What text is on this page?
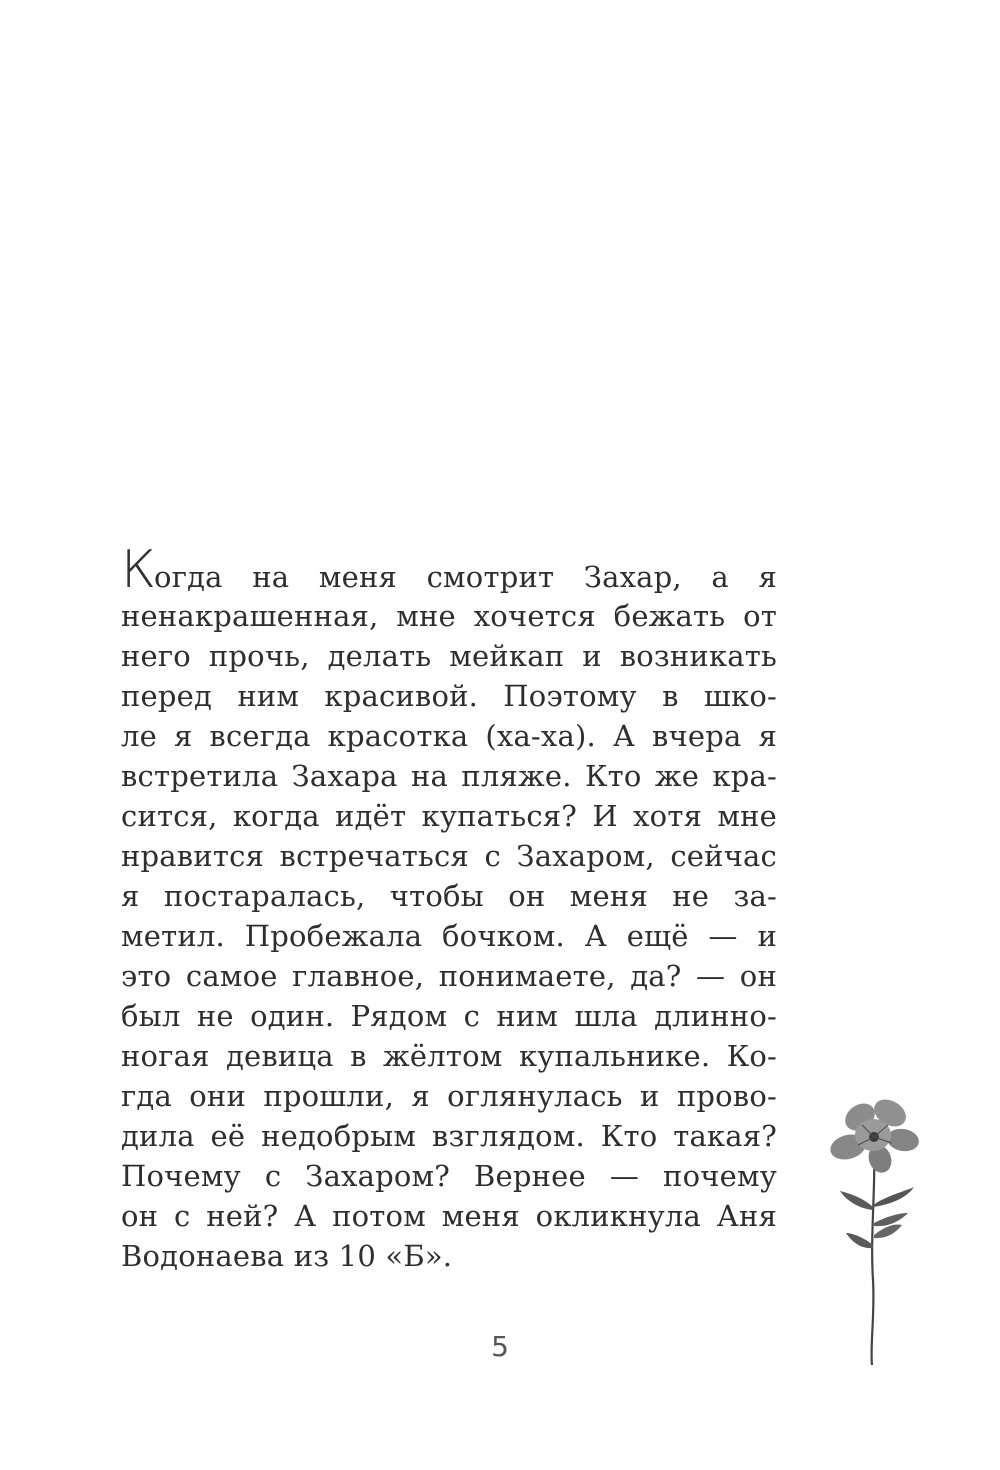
Когда на меня смотрит Захар, а я
ненакрашенная, мне хочется бежать от
него прочь, делать мейкап и возникать
перед ним красивой. Поэтому в шко-
ле я всегда красотка (ха-ха). А вчера я
встретила Захара на пляже. Кто же кра-
сится, когда идёт купаться? И хотя мне
нравится встречаться с Захаром, сейчас
я постаралась, чтобы он меня не за-
метил. Пробежала бочком. А ещё — и
это самое главное, понимаете, да? — он
был не один. Рядом с ним шла длинно-
ногая девица в жёлтом купальнике. Ко-
гда они прошли, я оглянулась и прово-
дила её недобрым взглядом. Кто такая?
Почему с Захаром? Вернее — почему
он с ней? А потом меня окликнула Аня
Водонаева из 10 «Б».
5
